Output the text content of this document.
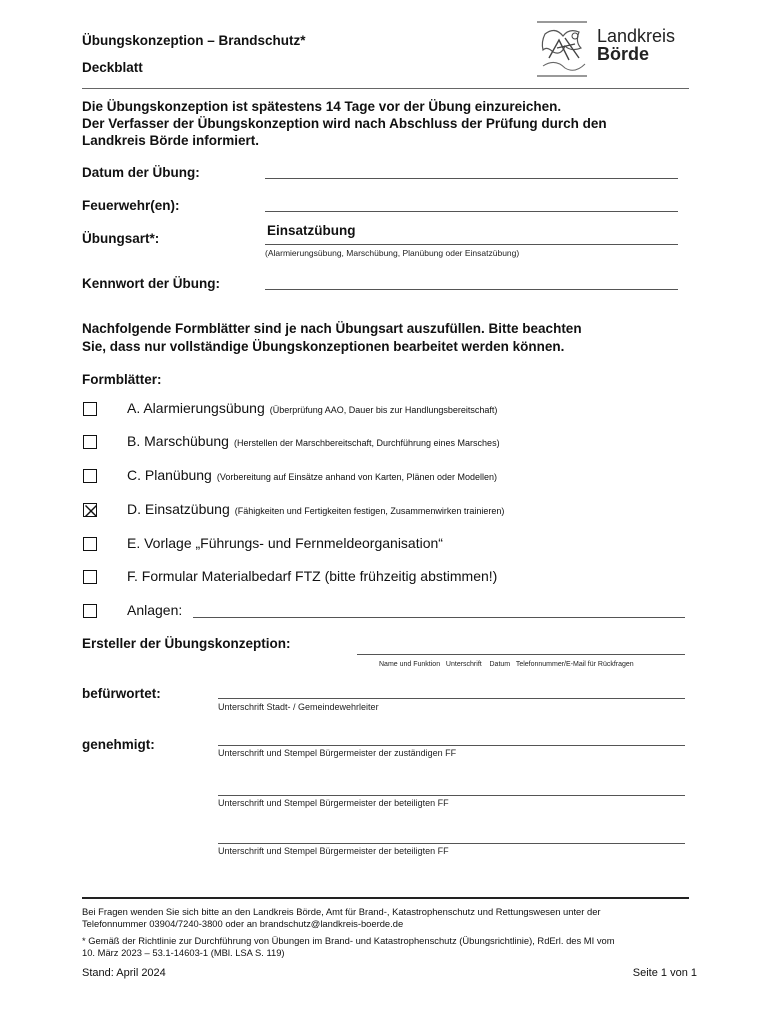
Übungskonzeption – Brandschutz*
Deckblatt
Landkreis
Börde
Die Übungskonzeption ist spätestens 14 Tage vor der Übung einzureichen.
Der Verfasser der Übungskonzeption wird nach Abschluss der Prüfung durch den
Landkreis Börde informiert.
Datum der Übung:
Feuerwehr(en):
Übungsart*:
Einsatzübung
(Alarmierungsübung, Marschübung, Planübung oder Einsatzübung)
Kennwort der Übung:
Nachfolgende Formblätter sind je nach Übungsart auszufüllen. Bitte beachten
Sie, dass nur vollständige Übungskonzeptionen bearbeitet werden können.
Formblätter:
A. Alarmierungsübung (Überprüfung AAO, Dauer bis zur Handlungsbereitschaft)
B. Marschübung (Herstellen der Marschbereitschaft, Durchführung eines Marsches)
C. Planübung (Vorbereitung auf Einsätze anhand von Karten, Plänen oder Modellen)
D. Einsatzübung (Fähigkeiten und Fertigkeiten festigen, Zusammenwirken trainieren)
E. Vorlage „Führungs- und Fernmeldeorganisation“
F. Formular Materialbedarf FTZ (bitte frühzeitig abstimmen!)
Anlagen:
Ersteller der Übungskonzeption:
Name und Funktion   Unterschrift    Datum   Telefonnummer/E-Mail für Rückfragen
befürwortet:
Unterschrift Stadt- / Gemeindewehrleiter
genehmigt:
Unterschrift und Stempel Bürgermeister der zuständigen FF
Unterschrift und Stempel Bürgermeister der beteiligten FF
Unterschrift und Stempel Bürgermeister der beteiligten FF
Bei Fragen wenden Sie sich bitte an den Landkreis Börde, Amt für Brand-, Katastrophenschutz und Rettungswesen unter der
Telefonnummer 03904/7240-3800 oder an brandschutz@landkreis-boerde.de
* Gemäß der Richtlinie zur Durchführung von Übungen im Brand- und Katastrophenschutz (Übungsrichtlinie), RdErl. des MI vom
10. März 2023 – 53.1-14603-1 (MBl. LSA S. 119)
Stand: April 2024	Seite 1 von 1
